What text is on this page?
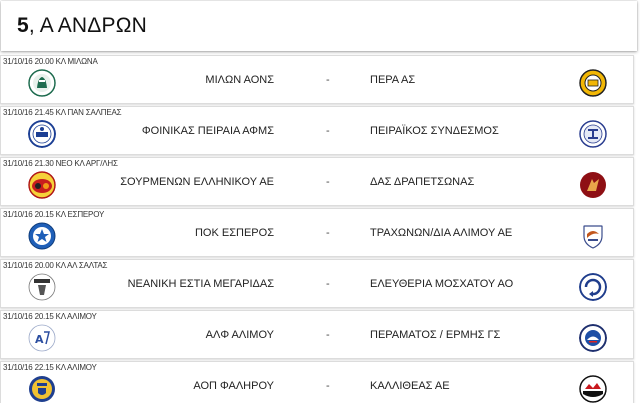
5, Α ΑΝΔΡΩΝ
31/10/16 20.00 ΚΛ ΜΙΛΩΝΑ
ΜΙΛΩΝ ΑΟΝΣ	-	ΠΕΡΑ ΑΣ
31/10/16 21.45 ΚΛ ΠΑΝ ΣΑΛΠΕΑΣ
ΦΟΙΝΙΚΑΣ ΠΕΙΡΑΙΑ ΑΦΜΣ	-	ΠΕΙΡΑΪΚΟΣ ΣΥΝΔΕΣΜΟΣ
31/10/16 21.30 ΝΕΟ ΚΛ ΑΡΓ/ΛΗΣ
ΣΟΥΡΜΕΝΩΝ ΕΛΛΗΝΙΚΟΥ ΑΕ	-	ΔΑΣ ΔΡΑΠΕΤΣΩΝΑΣ
31/10/16 20.15 ΚΛ ΕΣΠΕΡΟΥ
ΠΟΚ ΕΣΠΕΡΟΣ	-	ΤΡΑΧΩΝΩΝ/ΔΙΑ ΑΛΙΜΟΥ ΑΕ
31/10/16 20.00 ΚΛ ΑΛ ΣΑΛΤΑΣ
ΝΕΑΝΙΚΗ ΕΣΤΙΑ ΜΕΓΑΡΙΔΑΣ	-	ΕΛΕΥΘΕΡΙΑ ΜΟΣΧΑΤΟΥ ΑΟ
31/10/16 20.15 ΚΛ ΑΛΙΜΟΥ
A	ΑΛΦ ΑΛΙΜΟΥ	-	ΠΕΡΑΜΑΤΟΣ / ΕΡΜΗΣ ΓΣ
31/10/16 22.15 ΚΛ ΑΛΙΜΟΥ
ΑΟΠ ΦΑΛΗΡΟΥ	-	ΚΑΛΛΙΘΕΑΣ ΑΕ
